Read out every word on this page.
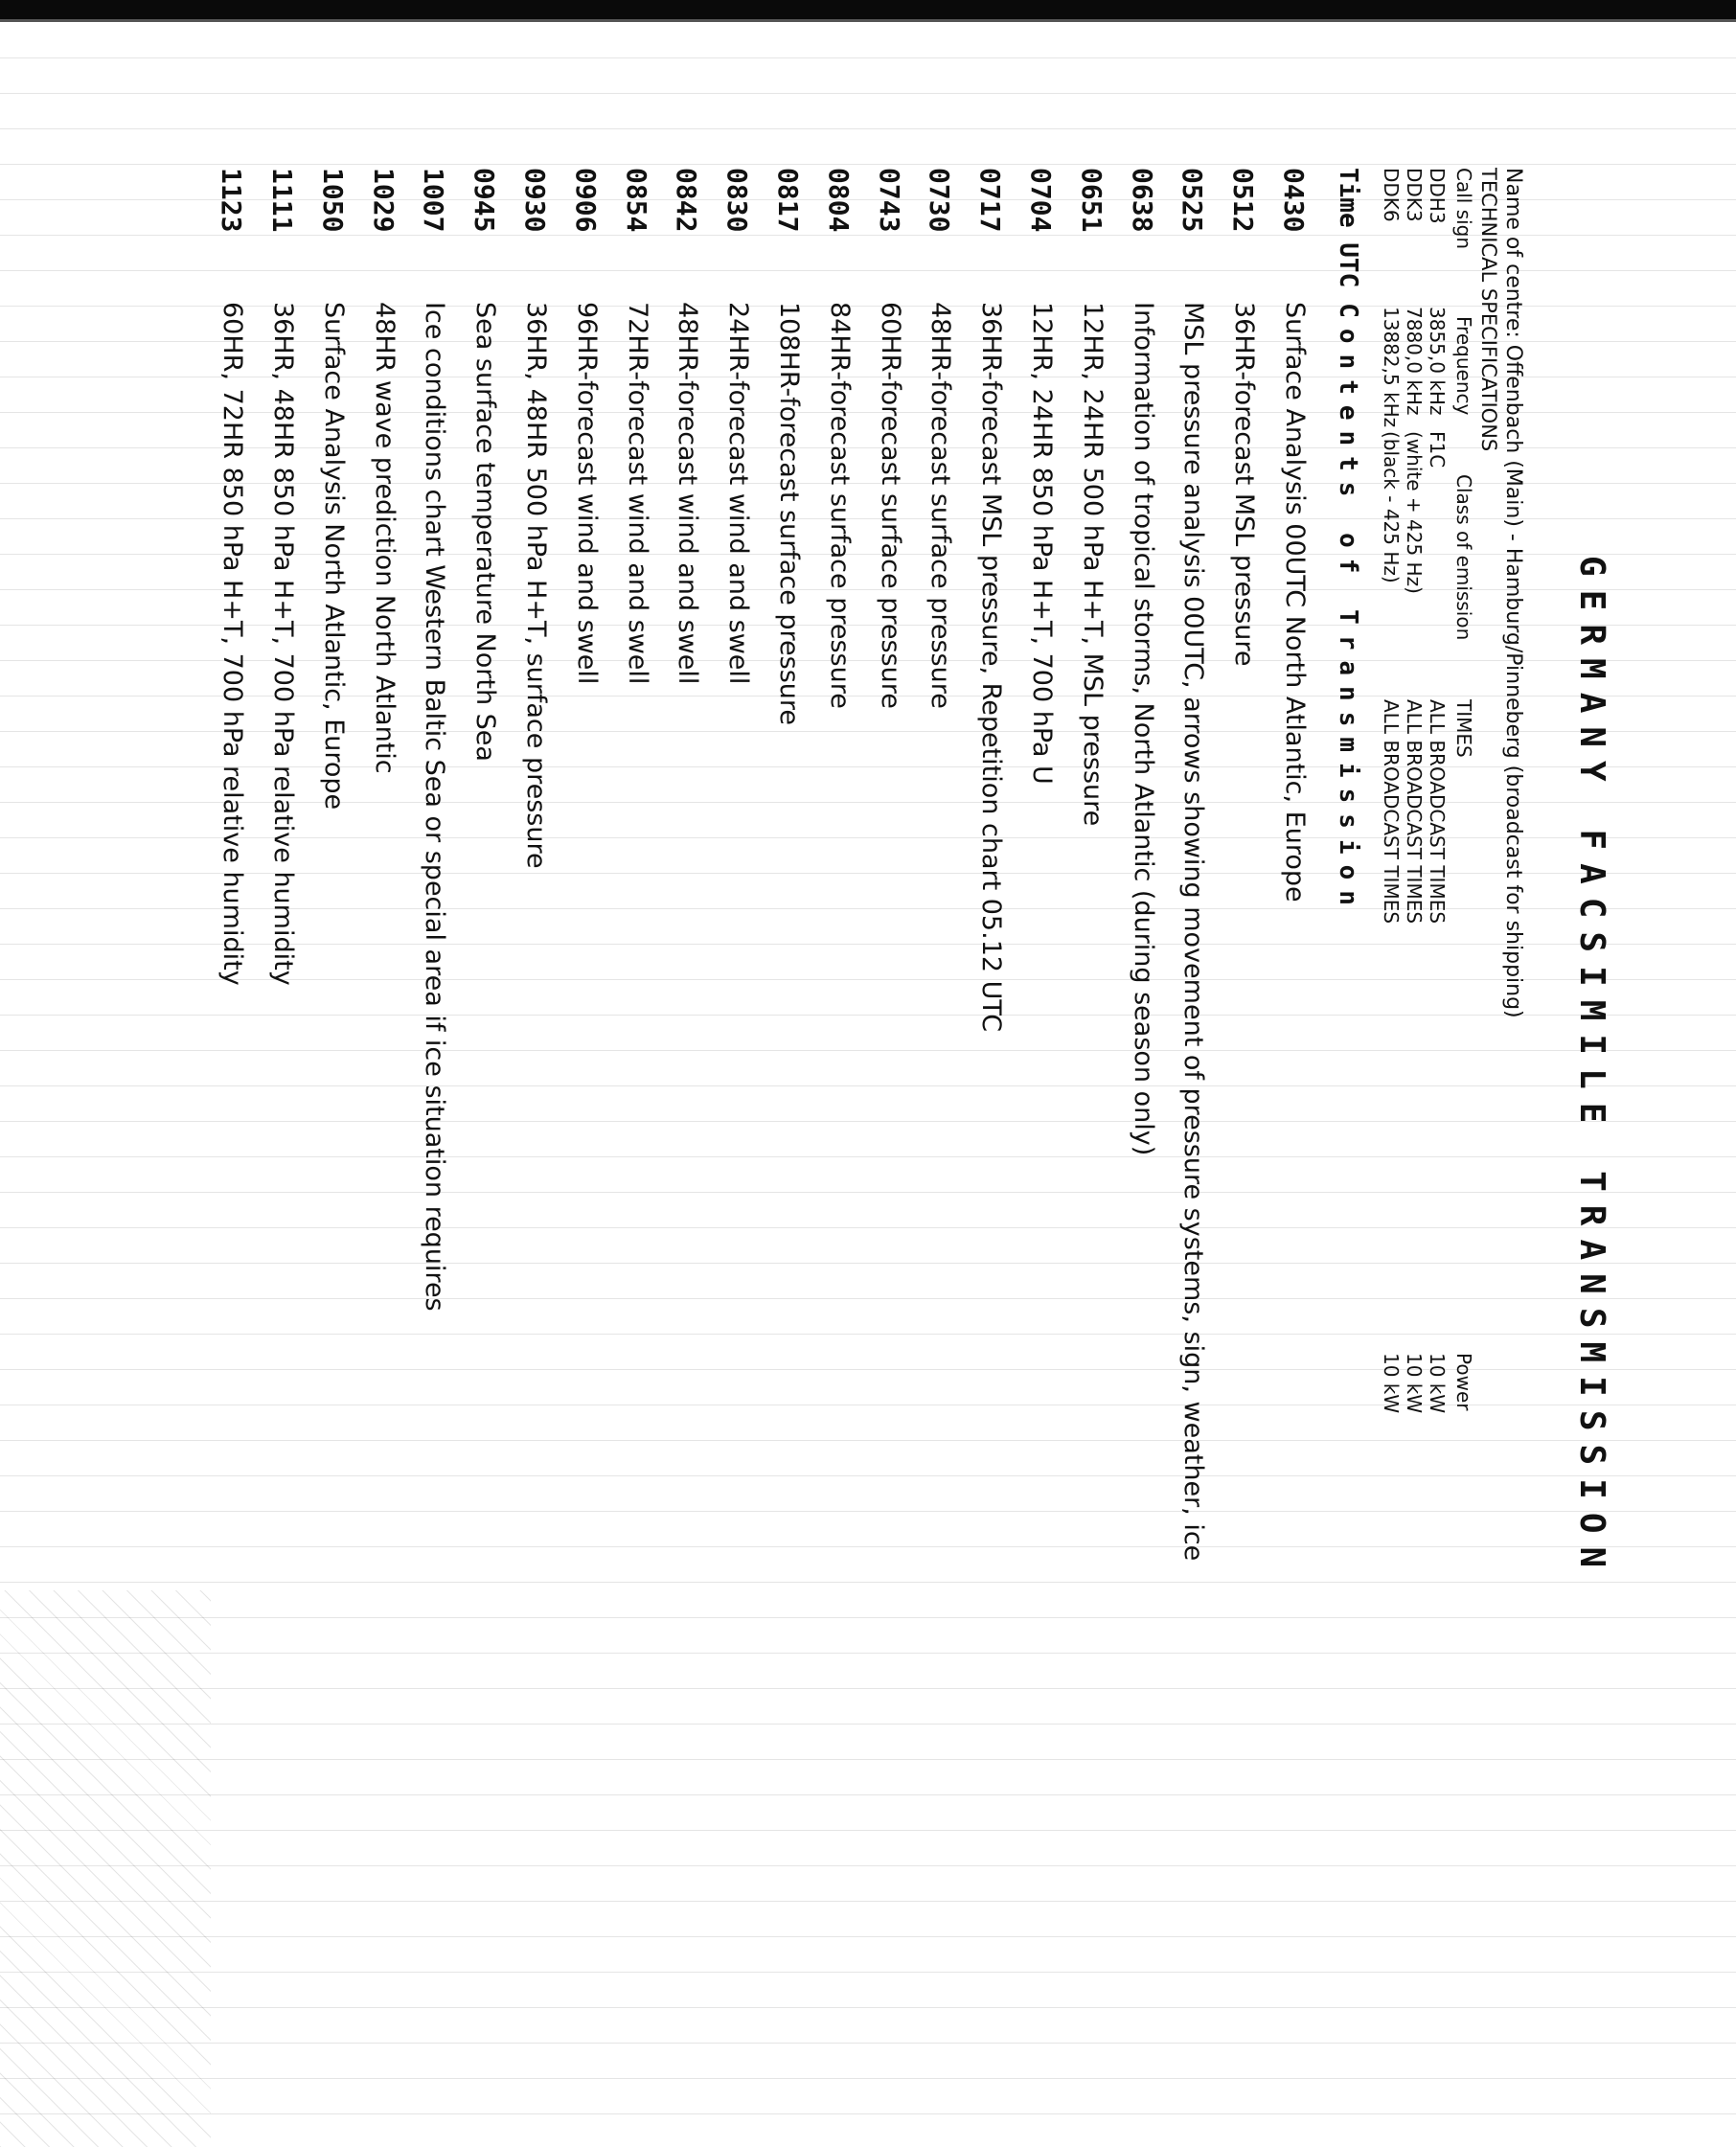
GERMANY FACSIMILE TRANSMISSION
Name of centre: Offenbach (Main) - Hamburg/Pinneberg (broadcast for shipping)
TECHNICAL SPECIFICATIONS
Call sign
Frequency
Class of emission
TIMES
Power
DDH3
3855,0 kHz
F1C
ALL BROADCAST TIMES
10 kW
DDK3
7880,0 kHz
(white + 425 Hz)
ALL BROADCAST TIMES
10 kW
DDK6
13882,5 kHz
(black - 425 Hz)
ALL BROADCAST TIMES
10 kW
Time UTCContents of Transmission
0430
Surface Analysis 00UTC North Atlantic, Europe
0512
36HR-forecast MSL pressure
0525
MSL pressure analysis 00UTC, arrows showing movement of pressure systems, sign, weather, ice
0638
Information of tropical storms, North Atlantic (during season only)
0651
12HR, 24HR 500 hPa H+T, MSL pressure
0704
12HR, 24HR 850 hPa H+T, 700 hPa U
0717
36HR-forecast MSL pressure, Repetition chart 05.12 UTC
0730
48HR-forecast surface pressure
0743
60HR-forecast surface pressure
0804
84HR-forecast surface pressure
0817
108HR-forecast surface pressure
0830
24HR-forecast wind and swell
0842
48HR-forecast wind and swell
0854
72HR-forecast wind and swell
0906
96HR-forecast wind and swell
0930
36HR, 48HR 500 hPa H+T, surface pressure
0945
Sea surface temperature North Sea
1007
Ice conditions chart Western Baltic Sea or special area if ice situation requires
1029
48HR wave prediction North Atlantic
1050
Surface Analysis North Atlantic, Europe
1111
36HR, 48HR 850 hPa H+T, 700 hPa relative humidity
1123
60HR, 72HR 850 hPa H+T, 700 hPa relative humidity
